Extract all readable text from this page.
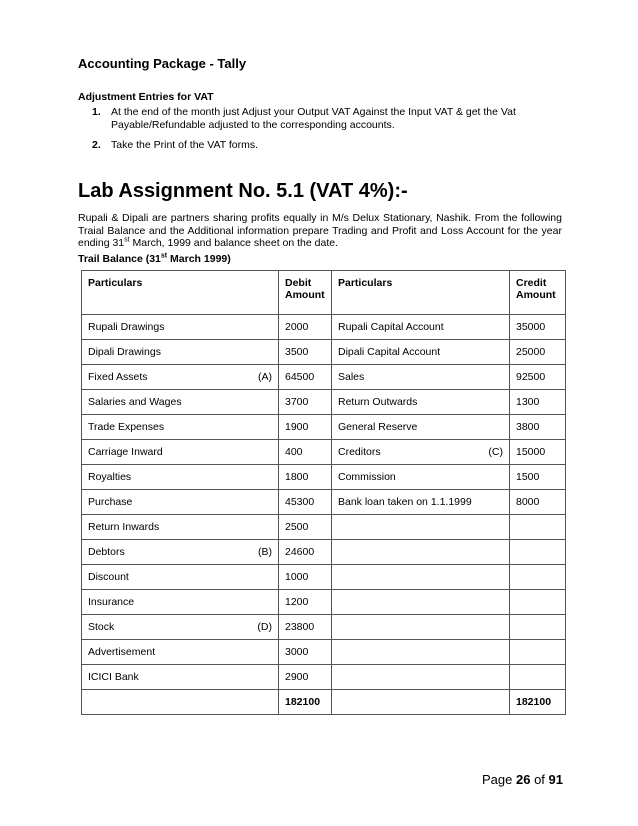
Accounting Package - Tally
Adjustment Entries for VAT
1. At the end of the month just Adjust your Output VAT Against the Input VAT & get the Vat Payable/Refundable adjusted to the corresponding accounts.
2. Take the Print of the VAT forms.
Lab Assignment No. 5.1 (VAT 4%):-
Rupali & Dipali are partners sharing profits equally in M/s Delux Stationary, Nashik. From the following Traial Balance and the Additional information prepare Trading and Profit and Loss Account for the year ending 31st March, 1999 and balance sheet on the date.
Trail Balance (31st March 1999)
Particulars	Debit Amount	Particulars	Credit Amount

Rupali Drawings	2000	Rupali Capital Account	35000

Dipali Drawings	3500	Dipali Capital Account	25000

Fixed Assets (A)	64500	Sales	92500

Salaries and Wages	3700	Return Outwards	1300

Trade Expenses	1900	General Reserve	3800

Carriage Inward	400	Creditors (C)	15000

Royalties	1800	Commission	1500

Purchase	45300	Bank loan taken on 1.1.1999	8000

Return Inwards	2500	

Debtors (B)	24600	

Discount	1000	

Insurance	1200	

Stock (D)	23800	

Advertisement	3000	

ICICI Bank	2900	

	182100		182100
Page 26 of 91
